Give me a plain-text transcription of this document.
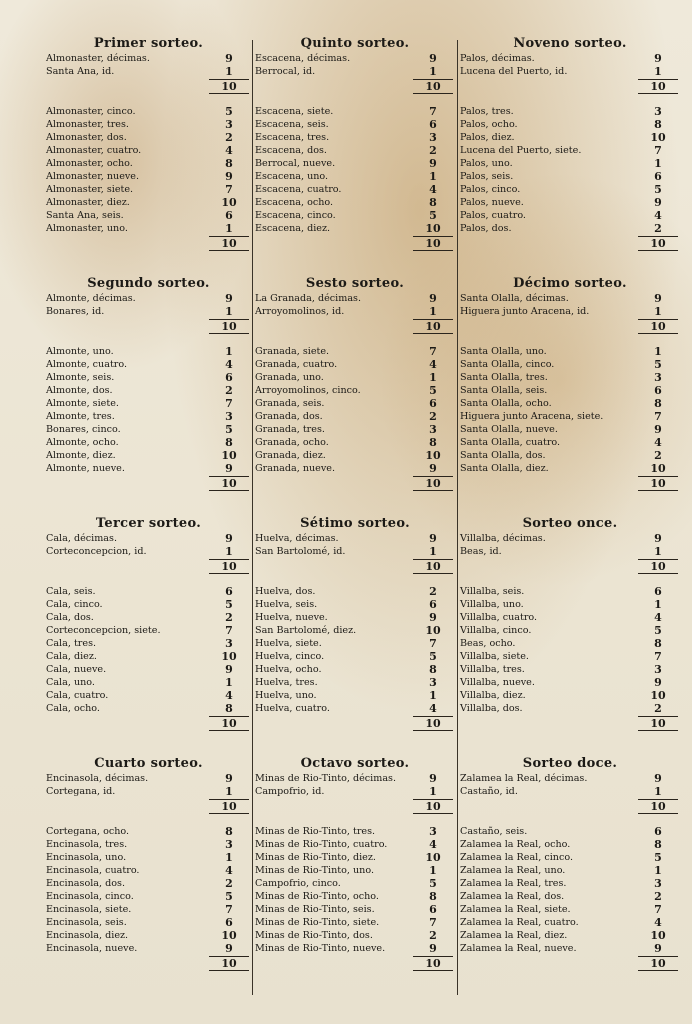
Primer sorteo.
Almonaster, décimas.	9
Santa Ana, id.	1
10
Almonaster, cinco.	5
Almonaster, tres.	3
Almonaster, dos.	2
Almonaster, cuatro.	4
Almonaster, ocho.	8
Almonaster, nueve.	9
Almonaster, siete.	7
Almonaster, diez.	10
Santa Ana, seis.	6
Almonaster, uno.	1
10
Segundo sorteo.
Almonte, décimas.	9
Bonares, id.	1
10
Almonte, uno.	1
Almonte, cuatro.	4
Almonte, seis.	6
Almonte, dos.	2
Almonte, siete.	7
Almonte, tres.	3
Bonares, cinco.	5
Almonte, ocho.	8
Almonte, diez.	10
Almonte, nueve.	9
10
Tercer sorteo.
Cala, décimas.	9
Corteconcepcion, id.	1
10
Cala, seis.	6
Cala, cinco.	5
Cala, dos.	2
Corteconcepcion, siete.	7
Cala, tres.	3
Cala, diez.	10
Cala, nueve.	9
Cala, uno.	1
Cala, cuatro.	4
Cala, ocho.	8
10
Cuarto sorteo.
Encinasola, décimas.	9
Cortegana, id.	1
10
Cortegana, ocho.	8
Encinasola, tres.	3
Encinasola, uno.	1
Encinasola, cuatro.	4
Encinasola, dos.	2
Encinasola, cinco.	5
Encinasola, siete.	7
Encinasola, seis.	6
Encinasola, diez.	10
Encinasola, nueve.	9
10
Quinto sorteo.
Escacena, décimas.	9
Berrocal, id.	1
10
Escacena, siete.	7
Escacena, seis.	6
Escacena, tres.	3
Escacena, dos.	2
Berrocal, nueve.	9
Escacena, uno.	1
Escacena, cuatro.	4
Escacena, ocho.	8
Escacena, cinco.	5
Escacena, diez.	10
10
Sesto sorteo.
La Granada, décimas.	9
Arroyomolinos, id.	1
10
Granada, siete.	7
Granada, cuatro.	4
Granada, uno.	1
Arroyomolinos, cinco.	5
Granada, seis.	6
Granada, dos.	2
Granada, tres.	3
Granada, ocho.	8
Granada, diez.	10
Granada, nueve.	9
10
Sétimo sorteo.
Huelva, décimas.	9
San Bartolomé, id.	1
10
Huelva, dos.	2
Huelva, seis.	6
Huelva, nueve.	9
San Bartolomé, diez.	10
Huelva, siete.	7
Huelva, cinco.	5
Huelva, ocho.	8
Huelva, tres.	3
Huelva, uno.	1
Huelva, cuatro.	4
10
Octavo sorteo.
Minas de Rio-Tinto, décimas.	9
Campofrio, id.	1
10
Minas de Rio-Tinto, tres.	3
Minas de Rio-Tinto, cuatro.	4
Minas de Rio-Tinto, diez.	10
Minas de Rio-Tinto, uno.	1
Campofrio, cinco.	5
Minas de Rio-Tinto, ocho.	8
Minas de Rio-Tinto, seis.	6
Minas de Rio-Tinto, siete.	7
Minas de Rio-Tinto, dos.	2
Minas de Rio-Tinto, nueve.	9
10
Noveno sorteo.
Palos, décimas.	9
Lucena del Puerto, id.	1
10
Palos, tres.	3
Palos, ocho.	8
Palos, diez.	10
Lucena del Puerto, siete.	7
Palos, uno.	1
Palos, seis.	6
Palos, cinco.	5
Palos, nueve.	9
Palos, cuatro.	4
Palos, dos.	2
10
Décimo sorteo.
Santa Olalla, décimas.	9
Higuera junto Aracena, id.	1
10
Santa Olalla, uno.	1
Santa Olalla, cinco.	5
Santa Olalla, tres.	3
Santa Olalla, seis.	6
Santa Olalla, ocho.	8
Higuera junto Aracena, siete.	7
Santa Olalla, nueve.	9
Santa Olalla, cuatro.	4
Santa Olalla, dos.	2
Santa Olalla, diez.	10
10
Sorteo once.
Villalba, décimas.	9
Beas, id.	1
10
Villalba, seis.	6
Villalba, uno.	1
Villalba, cuatro.	4
Villalba, cinco.	5
Beas, ocho.	8
Villalba, siete.	7
Villalba, tres.	3
Villalba, nueve.	9
Villalba, diez.	10
Villalba, dos.	2
10
Sorteo doce.
Zalamea la Real, décimas.	9
Castaño, id.	1
10
Castaño, seis.	6
Zalamea la Real, ocho.	8
Zalamea la Real, cinco.	5
Zalamea la Real, uno.	1
Zalamea la Real, tres.	3
Zalamea la Real, dos.	2
Zalamea la Real, siete.	7
Zalamea la Real, cuatro.	4
Zalamea la Real, diez.	10
Zalamea la Real, nueve.	9
10
